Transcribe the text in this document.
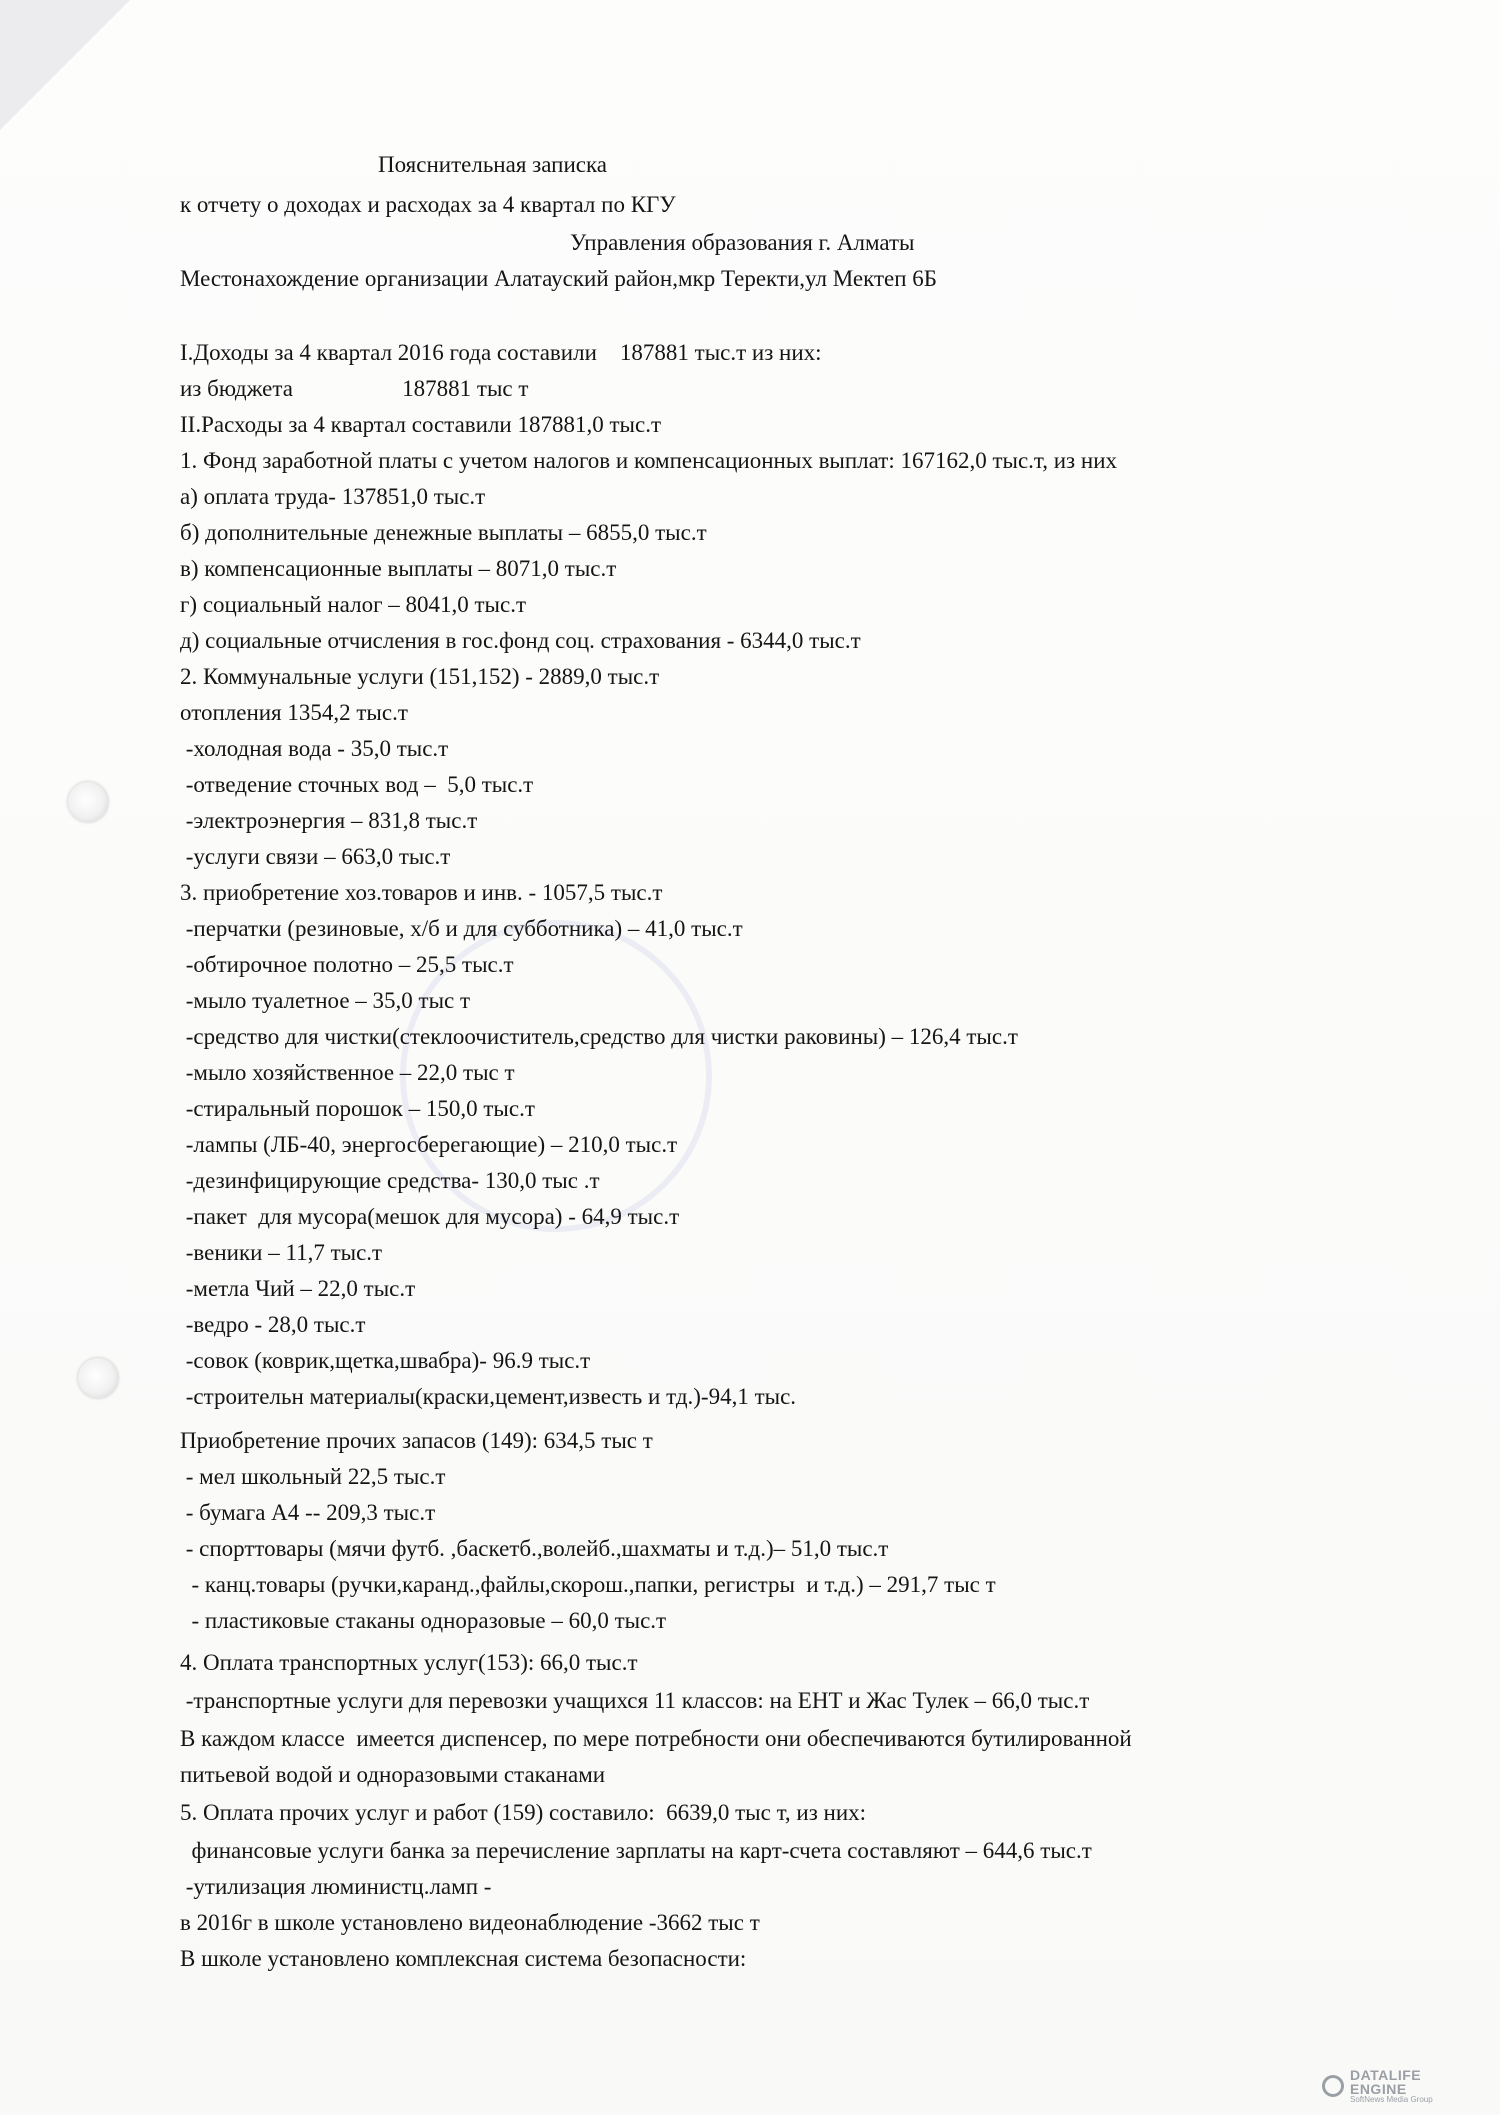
Пояснительная записка
к отчету о доходах и расходах за 4 квартал по КГУ
Управления образования г. Алматы
Местонахождение организации Алатауский район,мкр Теректи,ул Мектеп 6Б
I.Доходы за 4 квартал 2016 года составили    187881 тыс.т из них:
из бюджета                   187881 тыс т
II.Расходы за 4 квартал составили 187881,0 тыс.т
1. Фонд заработной платы с учетом налогов и компенсационных выплат: 167162,0 тыс.т, из них
а) оплата труда- 137851,0 тыс.т
б) дополнительные денежные выплаты – 6855,0 тыс.т
в) компенсационные выплаты – 8071,0 тыс.т
г) социальный налог – 8041,0 тыс.т
д) социальные отчисления в гос.фонд соц. страхования - 6344,0 тыс.т
2. Коммунальные услуги (151,152) - 2889,0 тыс.т
отопления 1354,2 тыс.т
-холодная вода - 35,0 тыс.т
-отведение сточных вод –  5,0 тыс.т
-электроэнергия – 831,8 тыс.т
-услуги связи – 663,0 тыс.т
3. приобретение хоз.товаров и инв. - 1057,5 тыс.т
-перчатки (резиновые, х/б и для субботника) – 41,0 тыс.т
-обтирочное полотно – 25,5 тыс.т
-мыло туалетное – 35,0 тыс т
-средство для чистки(стеклоочиститель,средство для чистки раковины) – 126,4 тыс.т
-мыло хозяйственное – 22,0 тыс т
-стиральный порошок – 150,0 тыс.т
-лампы (ЛБ-40, энергосберегающие) – 210,0 тыс.т
-дезинфицирующие средства- 130,0 тыс .т
-пакет  для мусора(мешок для мусора) - 64,9 тыс.т
-веники – 11,7 тыс.т
-метла Чий – 22,0 тыс.т
-ведро - 28,0 тыс.т
-совок (коврик,щетка,швабра)- 96.9 тыс.т
-строительн материалы(краски,цемент,известь и тд.)-94,1 тыс.
Приобретение прочих запасов (149): 634,5 тыс т
- мел школьный 22,5 тыс.т
- бумага А4 -- 209,3 тыс.т
- спорттовары (мячи футб. ,баскетб.,волейб.,шахматы и т.д.)– 51,0 тыс.т
- канц.товары (ручки,каранд.,файлы,скорош.,папки, регистры  и т.д.) – 291,7 тыс т
- пластиковые стаканы одноразовые – 60,0 тыс.т
4. Оплата транспортных услуг(153): 66,0 тыс.т
-транспортные услуги для перевозки учащихся 11 классов: на ЕНТ и Жас Тулек – 66,0 тыс.т
В каждом классе  имеется диспенсер, по мере потребности они обеспечиваются бутилированной
питьевой водой и одноразовыми стаканами
5. Оплата прочих услуг и работ (159) составило:  6639,0 тыс т, из них:
финансовые услуги банка за перечисление зарплаты на карт-счета составляют – 644,6 тыс.т
-утилизация люминистц.ламп -
в 2016г в школе установлено видеонаблюдение -3662 тыс т
В школе установлено комплексная система безопасности:
DATALIFE ENGINE
SoftNews Media Group
